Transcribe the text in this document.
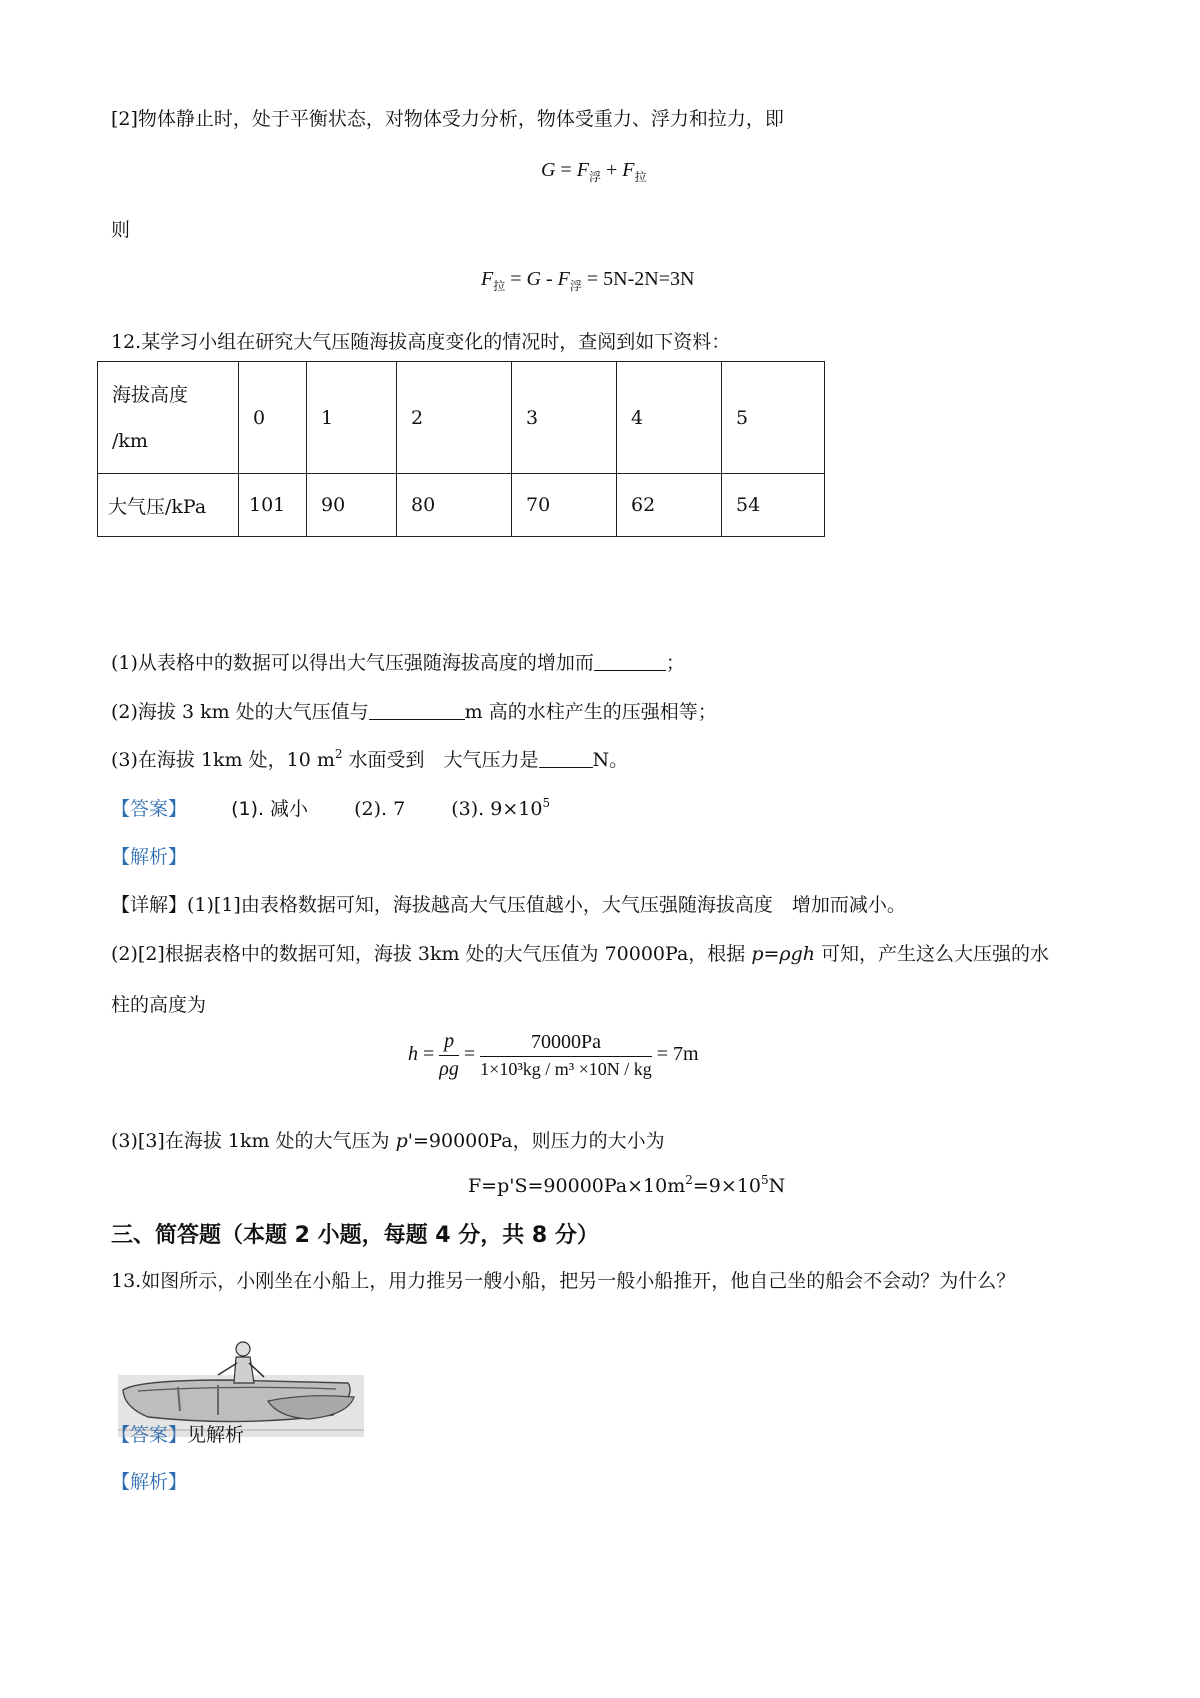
[2]物体静止时，处于平衡状态，对物体受力分析，物体受重力、浮力和拉力，即
$G = F_浮 + F_拉$
则
$F_拉 = G - F_浮 = 5N-2N=3N$
12.某学习小组在研究大气压随海拔高度变化的情况时，查阅到如下资料：
海拔高度
/km	0	1	2	3	4	5
大气压/kPa	101	90	80	70	62	54
(1)从表格中的数据可以得出大气压强随海拔高度的增加而	；
(2)海拔 3 km 处的大气压值与	m 高的水柱产生的压强相等；
(3)在海拔 1km 处，10 $m^2$ 水面受到　大气压力是	N。
【答案】 (1). 减小 (2). 7 (3). $9\times 10^5$
【解析】
【详解】(1)[1]由表格数据可知，海拔越高大气压值越小，大气压强随海拔高度　增加而减小。
(2)[2]根据表格中的数据可知，海拔 3km 处的大气压值为 70000Pa，根据 p=ρgh 可知，产生这么大压强的水
柱的高度为
$h = \frac{p}{\rho g} = \frac{70000Pa}{\text{1×10³kg / m³ ×10N / kg}} = 7m$
(3)[3]在海拔 1km 处的大气压为 p'=90000Pa，则压力的大小为
$F=p'S=90000Pa\times 10m^2=9\times 10^5N$
三、简答题（本题 2 小题，每题 4 分，共 8 分）
13.如图所示，小刚坐在小船上，用力推另一艘小船，把另一般小船推开，他自己坐的船会不会动？为什么？
【答案】见解析
【解析】
